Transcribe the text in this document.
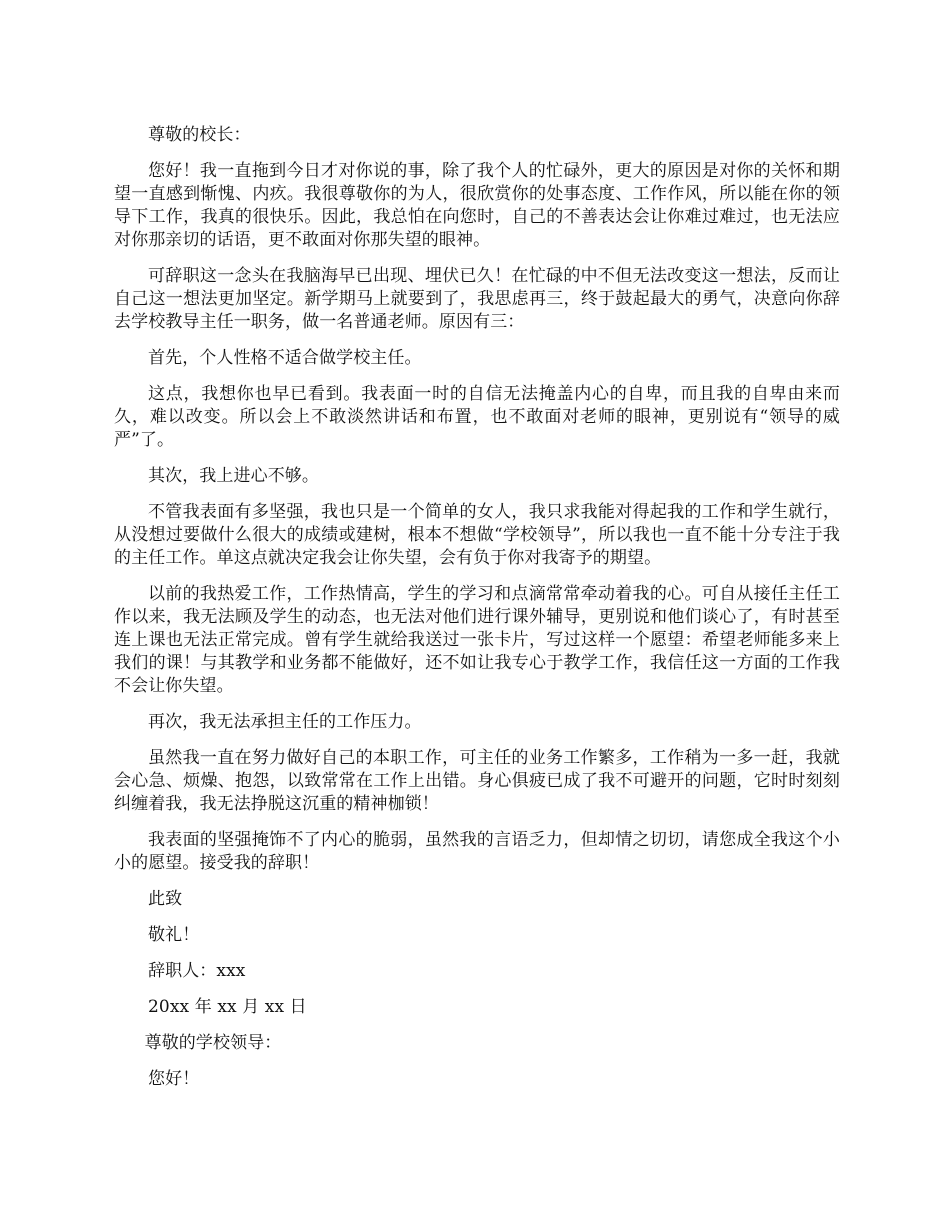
尊敬的校长：

您好！我一直拖到今日才对你说的事，除了我个人的忙碌外，更大的原因是对你的关怀和期望一直感到惭愧、内疚。我很尊敬你的为人，很欣赏你的处事态度、工作作风，所以能在你的领导下工作，我真的很快乐。因此，我总怕在向您时，自己的不善表达会让你难过难过，也无法应对你那亲切的话语，更不敢面对你那失望的眼神。

可辞职这一念头在我脑海早已出现、埋伏已久！在忙碌的中不但无法改变这一想法，反而让自己这一想法更加坚定。新学期马上就要到了，我思虑再三，终于鼓起最大的勇气，决意向你辞去学校教导主任一职务，做一名普通老师。原因有三：

首先，个人性格不适合做学校主任。

这点，我想你也早已看到。我表面一时的自信无法掩盖内心的自卑，而且我的自卑由来而久，难以改变。所以会上不敢淡然讲话和布置，也不敢面对老师的眼神，更别说有“领导的威严”了。

其次，我上进心不够。

不管我表面有多坚强，我也只是一个简单的女人，我只求我能对得起我的工作和学生就行，从没想过要做什么很大的成绩或建树，根本不想做“学校领导”，所以我也一直不能十分专注于我的主任工作。单这点就决定我会让你失望，会有负于你对我寄予的期望。

以前的我热爱工作，工作热情高，学生的学习和点滴常常牵动着我的心。可自从接任主任工作以来，我无法顾及学生的动态，也无法对他们进行课外辅导，更别说和他们谈心了，有时甚至连上课也无法正常完成。曾有学生就给我送过一张卡片，写过这样一个愿望：希望老师能多来上我们的课！与其教学和业务都不能做好，还不如让我专心于教学工作，我信任这一方面的工作我不会让你失望。

再次，我无法承担主任的工作压力。

虽然我一直在努力做好自己的本职工作，可主任的业务工作繁多，工作稍为一多一赶，我就会心急、烦燥、抱怨，以致常常在工作上出错。身心俱疲已成了我不可避开的问题，它时时刻刻纠缠着我，我无法挣脱这沉重的精神枷锁！

我表面的坚强掩饰不了内心的脆弱，虽然我的言语乏力，但却情之切切，请您成全我这个小小的愿望。接受我的辞职！

此致

敬礼！

辞职人：xxx

20xx 年 xx 月 xx 日

尊敬的学校领导：

您好！
